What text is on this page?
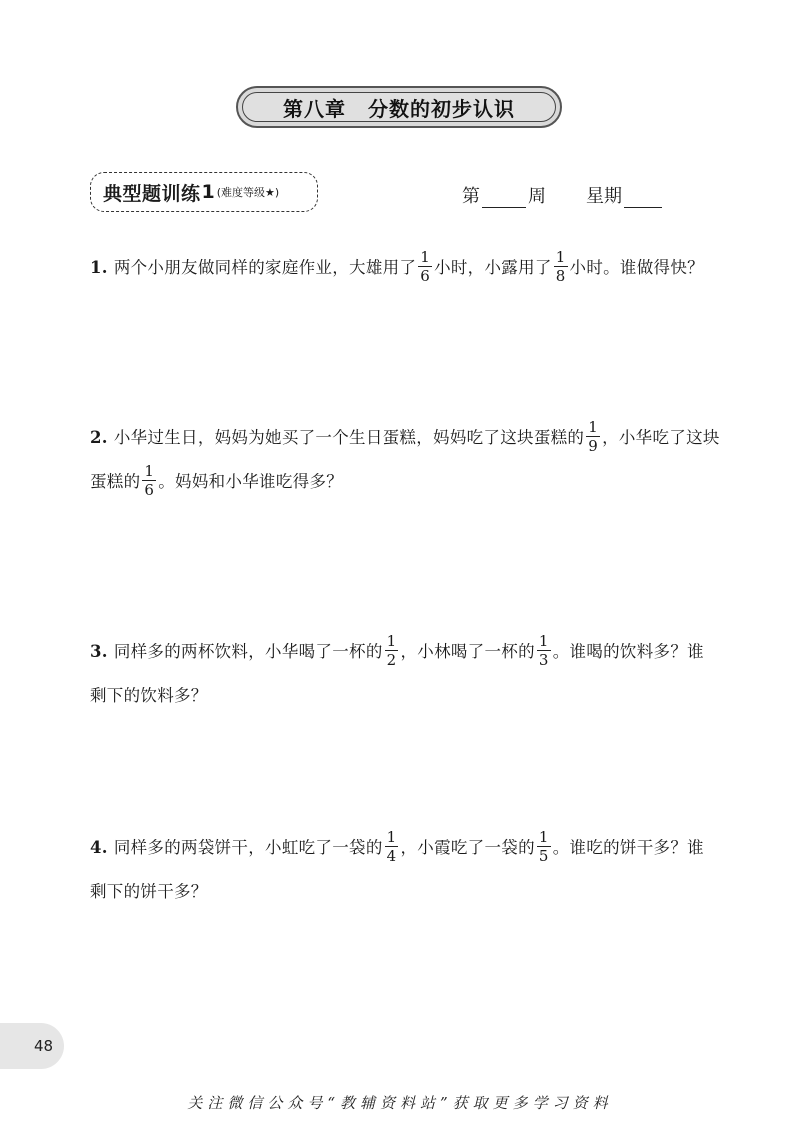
第八章 分数的初步认识
典型题训练 1 (难度等级★)	第	周 星期
1. 两个小朋友做同样的家庭作业，大雄用了 $\frac{1}{6}$ 小时，小露用了 $\frac{1}{8}$ 小时。谁做得快？
2. 小华过生日，妈妈为她买了一个生日蛋糕，妈妈吃了这块蛋糕的 $\frac{1}{9}$ ，小华吃了这块蛋糕的 $\frac{1}{6}$ 。妈妈和小华谁吃得多？
3. 同样多的两杯饮料，小华喝了一杯的 $\frac{1}{2}$ ，小林喝了一杯的 $\frac{1}{3}$ 。谁喝的饮料多？谁剩下的饮料多？
4. 同样多的两袋饼干，小虹吃了一袋的 $\frac{1}{4}$ ，小霞吃了一袋的 $\frac{1}{5}$ 。谁吃的饼干多？谁剩下的饼干多？
48
关注微信公众号“教辅资料站”获取更多学习资料
